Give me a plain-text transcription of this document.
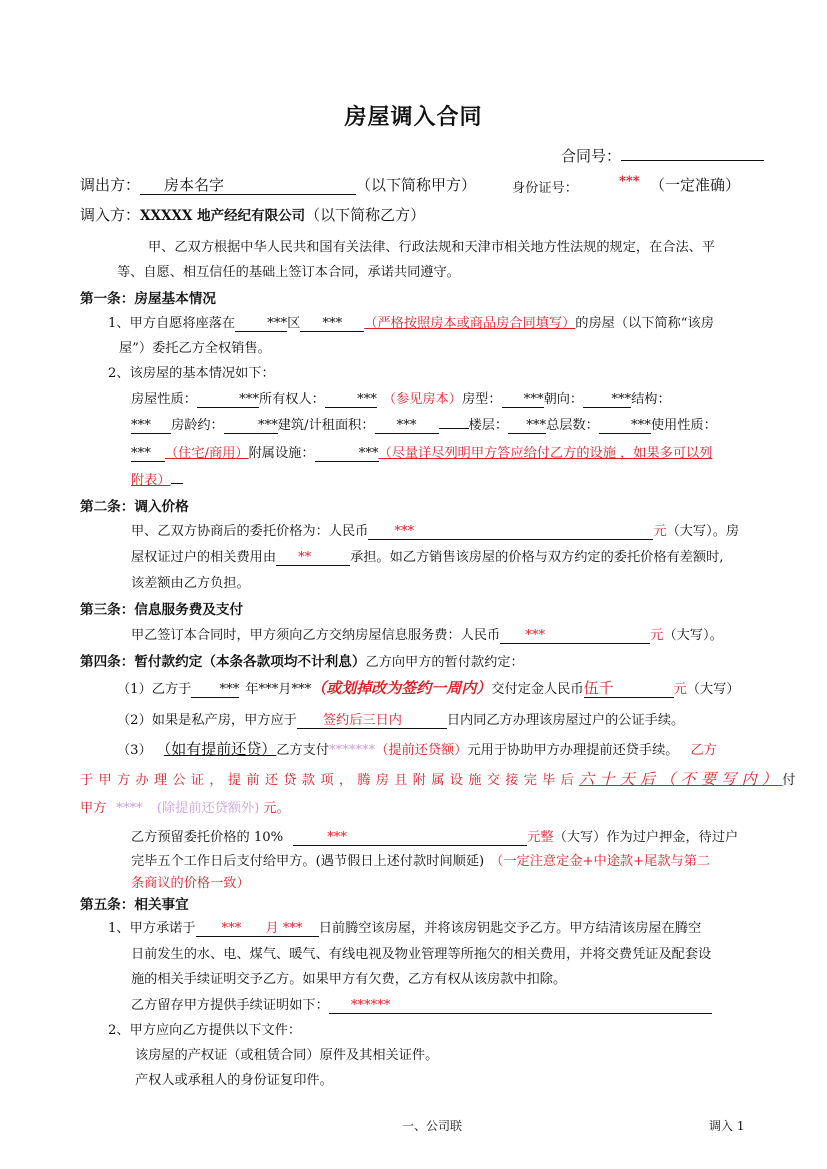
房屋调入合同
合同号：
调出方： 房本名字	（以下简称甲方）	身份证号：	*** （一定准确）
调入方：XXXXX 地产经纪有限公司（以下简称乙方）
甲、乙双方根据中华人民共和国有关法律、行政法规和天津市相关地方性法规的规定，在合法、平
等、自愿、相互信任的基础上签订本合同，承诺共同遵守。
第一条：房屋基本情况
1、甲方自愿将座落在 ***区 *** （严格按照房本或商品房合同填写）的房屋（以下简称“该房
屋”）委托乙方全权销售。
2、该房屋的基本情况如下：
房屋性质：	***所有权人： *** （参见房本）房型： ***朝向： ***结构：
*** 房龄约：	***建筑/计租面积： ***	楼层： ***总层数： ***使用性质：
*** （住宅/商用）附属设施：	***（尽量详尽列明甲方答应给付乙方的设施 ，如果多可以列
附表）
第二条：调入价格
甲、乙双方协商后的委托价格为：人民币 ***	元（大写）。房
屋权证过户的相关费用由 **	承担。如乙方销售该房屋的价格与双方约定的委托价格有差额时,
该差额由乙方负担。
第三条：信息服务费及支付
甲乙签订本合同时，甲方须向乙方交纳房屋信息服务费：人民币 ***	元（大写）。
第四条：暂付款约定（本条各款项均不计利息）乙方向甲方的暂付款约定：
（1）乙方于 *** 年***月***（或划掉改为签约一周内）交付定金人民币伍千	元（大写）
（2）如果是私产房，甲方应于 签约后三日内	日内同乙方办理该房屋过户的公证手续。
（3） （如有提前还贷）乙方支付*******（提前还贷额）元用于协助甲方办理提前还贷手续。 乙方
于甲方办理公证，提前还贷款项，腾房且附属设施交接完毕后六十天后（不要写内）付
甲方 **** (除提前还贷额外) 元。
乙方预留委托价格的 10%	***	元整（大写）作为过户押金，待过户
完毕五个工作日后支付给甲方。(遇节假日上述付款时间顺延) （一定注意定金+中途款+尾款与第二
条商议的价格一致）
第五条：相关事宜
1、甲方承诺于 *** 月 *** 日前腾空该房屋，并将该房钥匙交予乙方。甲方结清该房屋在腾空
日前发生的水、电、煤气、暖气、有线电视及物业管理等所拖欠的相关费用，并将交费凭证及配套设
施的相关手续证明交予乙方。如果甲方有欠费，乙方有权从该房款中扣除。
乙方留存甲方提供手续证明如下： ******
2、甲方应向乙方提供以下文件：
该房屋的产权证（或租赁合同）原件及其相关证件。
产权人或承租人的身份证复印件。
一、公司联	调入 1
